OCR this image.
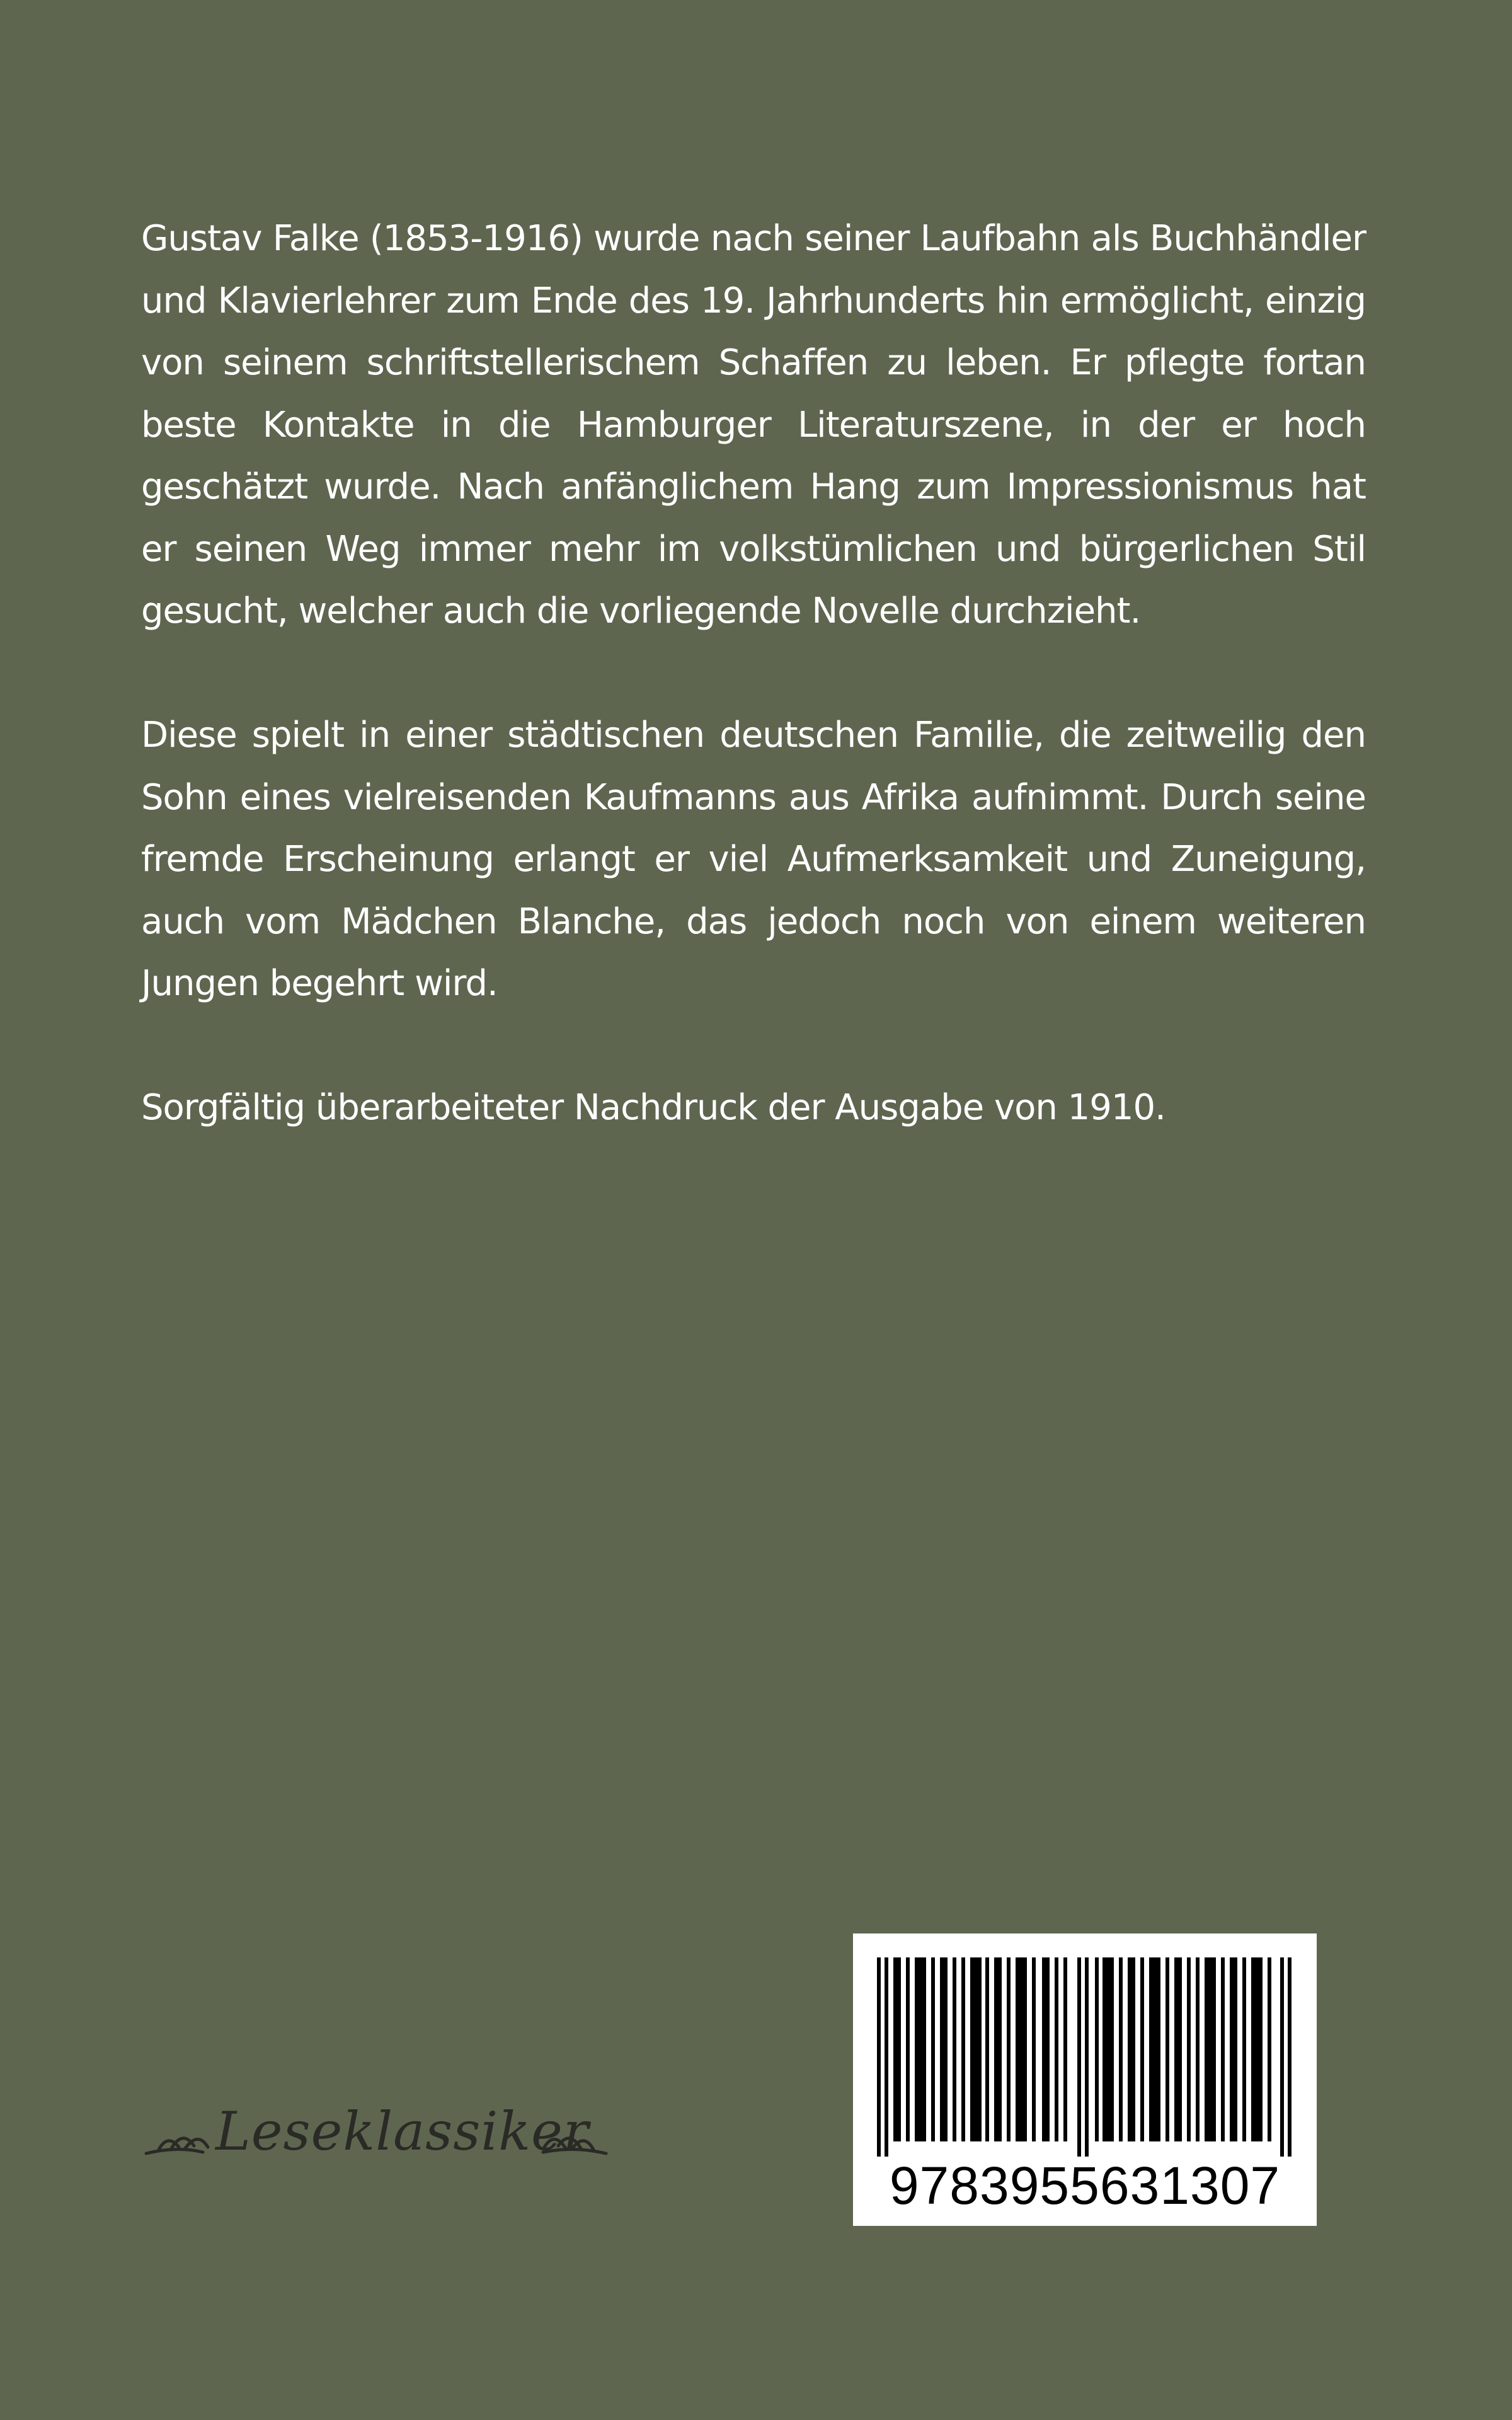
Gustav Falke (1853-1916) wurde nach seiner Laufbahn als Buchhändler und Klavierlehrer zum Ende des 19. Jahrhunderts hin ermöglicht, einzig von seinem schriftstellerischem Schaffen zu leben. Er pflegte fortan beste Kontakte in die Hamburger Literaturszene, in der er hoch geschätzt wurde. Nach anfänglichem Hang zum Impressionismus hat er seinen Weg immer mehr im volkstümlichen und bürgerlichen Stil gesucht, welcher auch die vorliegende Novelle durchzieht.

Diese spielt in einer städtischen deutschen Familie, die zeitweilig den Sohn eines vielreisenden Kaufmanns aus Afrika aufnimmt. Durch seine fremde Erscheinung erlangt er viel Aufmerksamkeit und Zuneigung, auch vom Mädchen Blanche, das jedoch noch von einem weiteren Jungen begehrt wird.

Sorgfältig überarbeiteter Nachdruck der Ausgabe von 1910.

Leseklassiker
9783955631307
